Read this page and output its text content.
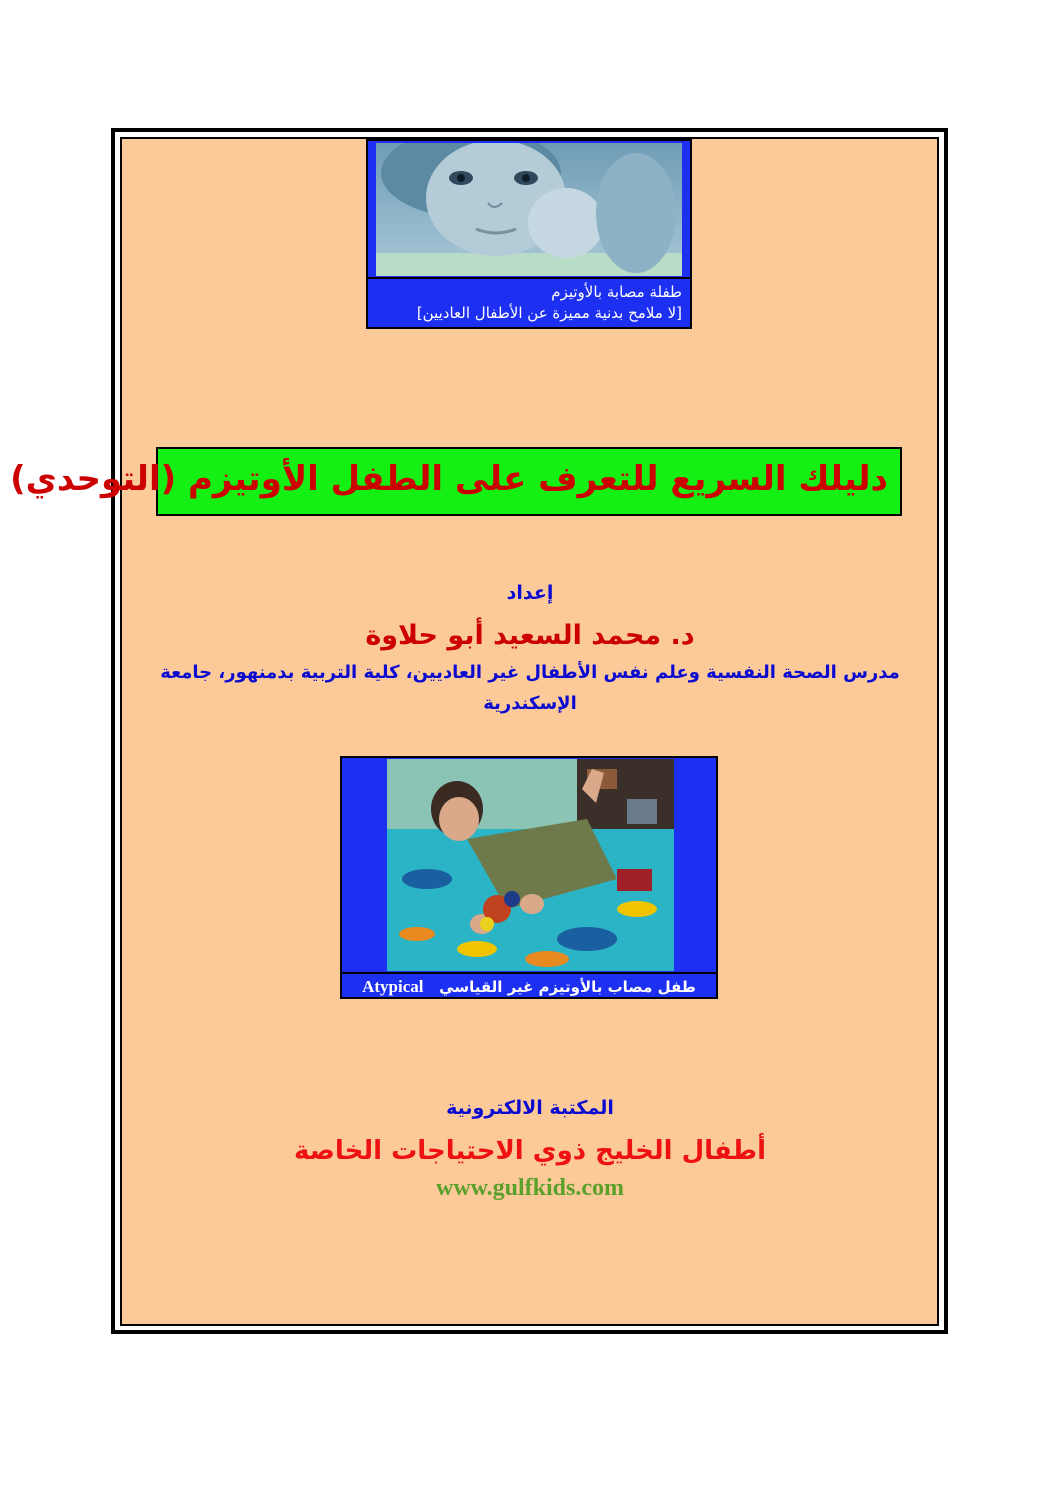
طفلة مصابة بالأوتيزم
[لا ملامح بدنية مميزة عن الأطفال العاديين]
دليلك السريع للتعرف على الطفل الأوتيزم (التوحدي)
إعداد
د. محمد السعيد أبو حلاوة
مدرس الصحة النفسية وعلم نفس الأطفال غير العاديين، كلية التربية بدمنهور، جامعة
الإسكندرية
طفل مصاب بالأوتيزم غير القياسي   Atypical
المكتبة الالكترونية
أطفال الخليج ذوي الاحتياجات الخاصة
www.gulfkids.com
